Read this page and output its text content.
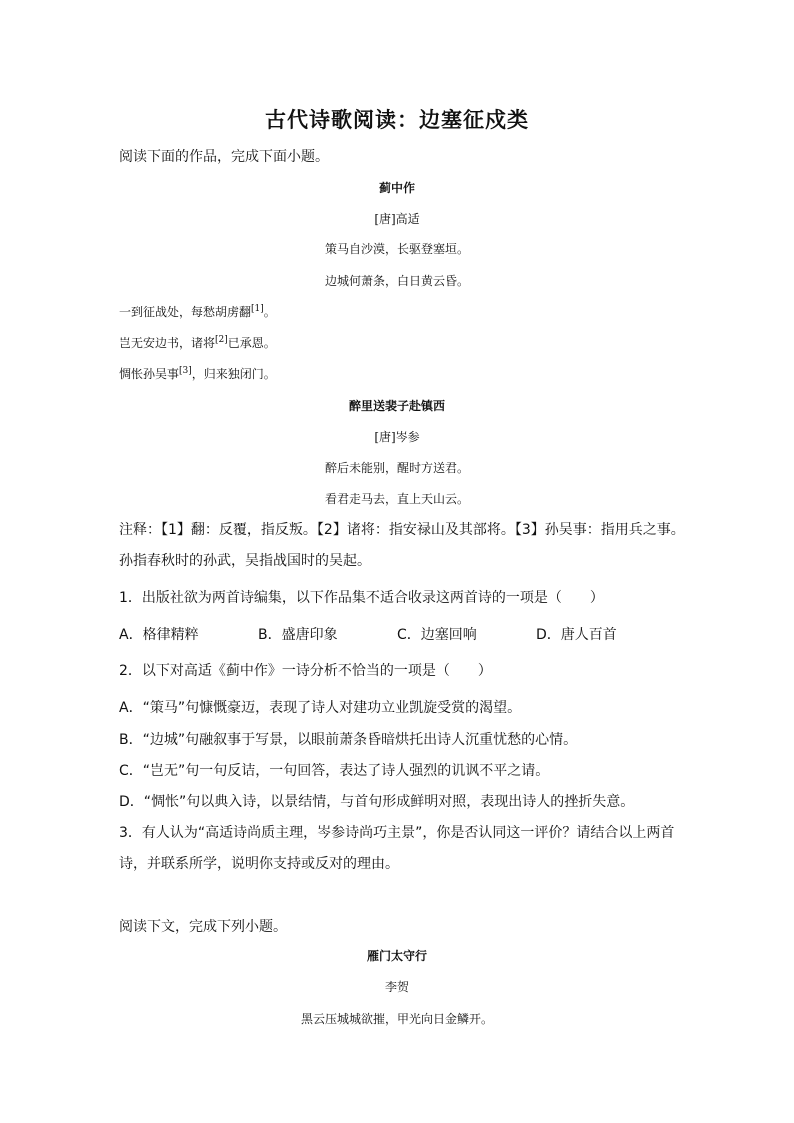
古代诗歌阅读：边塞征戍类
阅读下面的作品，完成下面小题。
蓟中作
[唐]高适
策马自沙漠，长驱登塞垣。
边城何萧条，白日黄云昏。
一到征战处，每愁胡虏翻[1]。
岂无安边书，诸将[2]已承恩。
惆怅孙吴事[3]，归来独闭门。
醉里送裴子赴镇西
[唐]岑参
醉后未能别，醒时方送君。
看君走马去，直上天山云。
注释：【1】翻：反覆，指反叛。【2】诸将：指安禄山及其部将。【3】孙吴事：指用兵之事。
孙指春秋时的孙武，吴指战国时的吴起。
1．出版社欲为两首诗编集，以下作品集不适合收录这两首诗的一项是（　　）
A．格律精粹	B．盛唐印象	C．边塞回响	D．唐人百首
2．以下对高适《蓟中作》一诗分析不恰当的一项是（　　）
A．“策马”句慷慨豪迈，表现了诗人对建功立业凯旋受赏的渴望。
B．“边城”句融叙事于写景，以眼前萧条昏暗烘托出诗人沉重忧愁的心情。
C．“岂无”句一句反诘，一句回答，表达了诗人强烈的讥讽不平之请。
D．“惆怅”句以典入诗，以景结情，与首句形成鲜明对照，表现出诗人的挫折失意。
3．有人认为“高适诗尚质主理，岑参诗尚巧主景”，你是否认同这一评价？请结合以上两首
诗，并联系所学，说明你支持或反对的理由。
阅读下文，完成下列小题。
雁门太守行
李贺
黑云压城城欲摧，甲光向日金鳞开。
